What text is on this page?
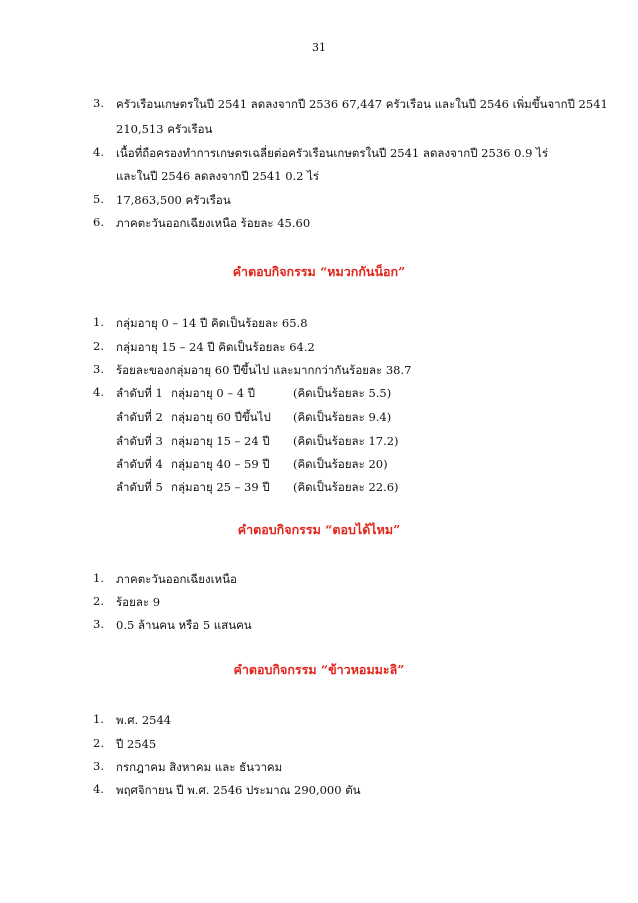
31
3. ครัวเรือนเกษตรในปี 2541 ลดลงจากปี 2536 67,447 ครัวเรือน และในปี 2546 เพิ่มขึ้นจากปี 2541
210,513 ครัวเรือน
4. เนื้อที่ถือครองทำการเกษตรเฉลี่ยต่อครัวเรือนเกษตรในปี 2541 ลดลงจากปี 2536 0.9 ไร่
และในปี 2546 ลดลงจากปี 2541 0.2 ไร่
5. 17,863,500 ครัวเรือน
6. ภาคตะวันออกเฉียงเหนือ ร้อยละ 45.60
คำตอบกิจกรรม “หมวกกันน็อก”
1. กลุ่มอายุ 0 – 14 ปี คิดเป็นร้อยละ 65.8
2. กลุ่มอายุ 15 – 24 ปี คิดเป็นร้อยละ 64.2
3. ร้อยละของกลุ่มอายุ 60 ปีขึ้นไป และมากกว่ากันร้อยละ 38.7
4. ลำดับที่ 1 กลุ่มอายุ 0 – 4 ปี	(คิดเป็นร้อยละ 5.5)
ลำดับที่ 2 กลุ่มอายุ 60 ปีขึ้นไป (คิดเป็นร้อยละ 9.4)
ลำดับที่ 3 กลุ่มอายุ 15 – 24 ปี (คิดเป็นร้อยละ 17.2)
ลำดับที่ 4 กลุ่มอายุ 40 – 59 ปี (คิดเป็นร้อยละ 20)
ลำดับที่ 5 กลุ่มอายุ 25 – 39 ปี (คิดเป็นร้อยละ 22.6)
คำตอบกิจกรรม “ตอบได้ไหม”
1. ภาคตะวันออกเฉียงเหนือ
2. ร้อยละ 9
3. 0.5 ล้านคน หรือ 5 แสนคน
คำตอบกิจกรรม “ข้าวหอมมะลิ”
1. พ.ศ. 2544
2. ปี 2545
3. กรกฎาคม สิงหาคม และ ธันวาคม
4. พฤศจิกายน ปี พ.ศ. 2546 ประมาณ 290,000 ตัน
